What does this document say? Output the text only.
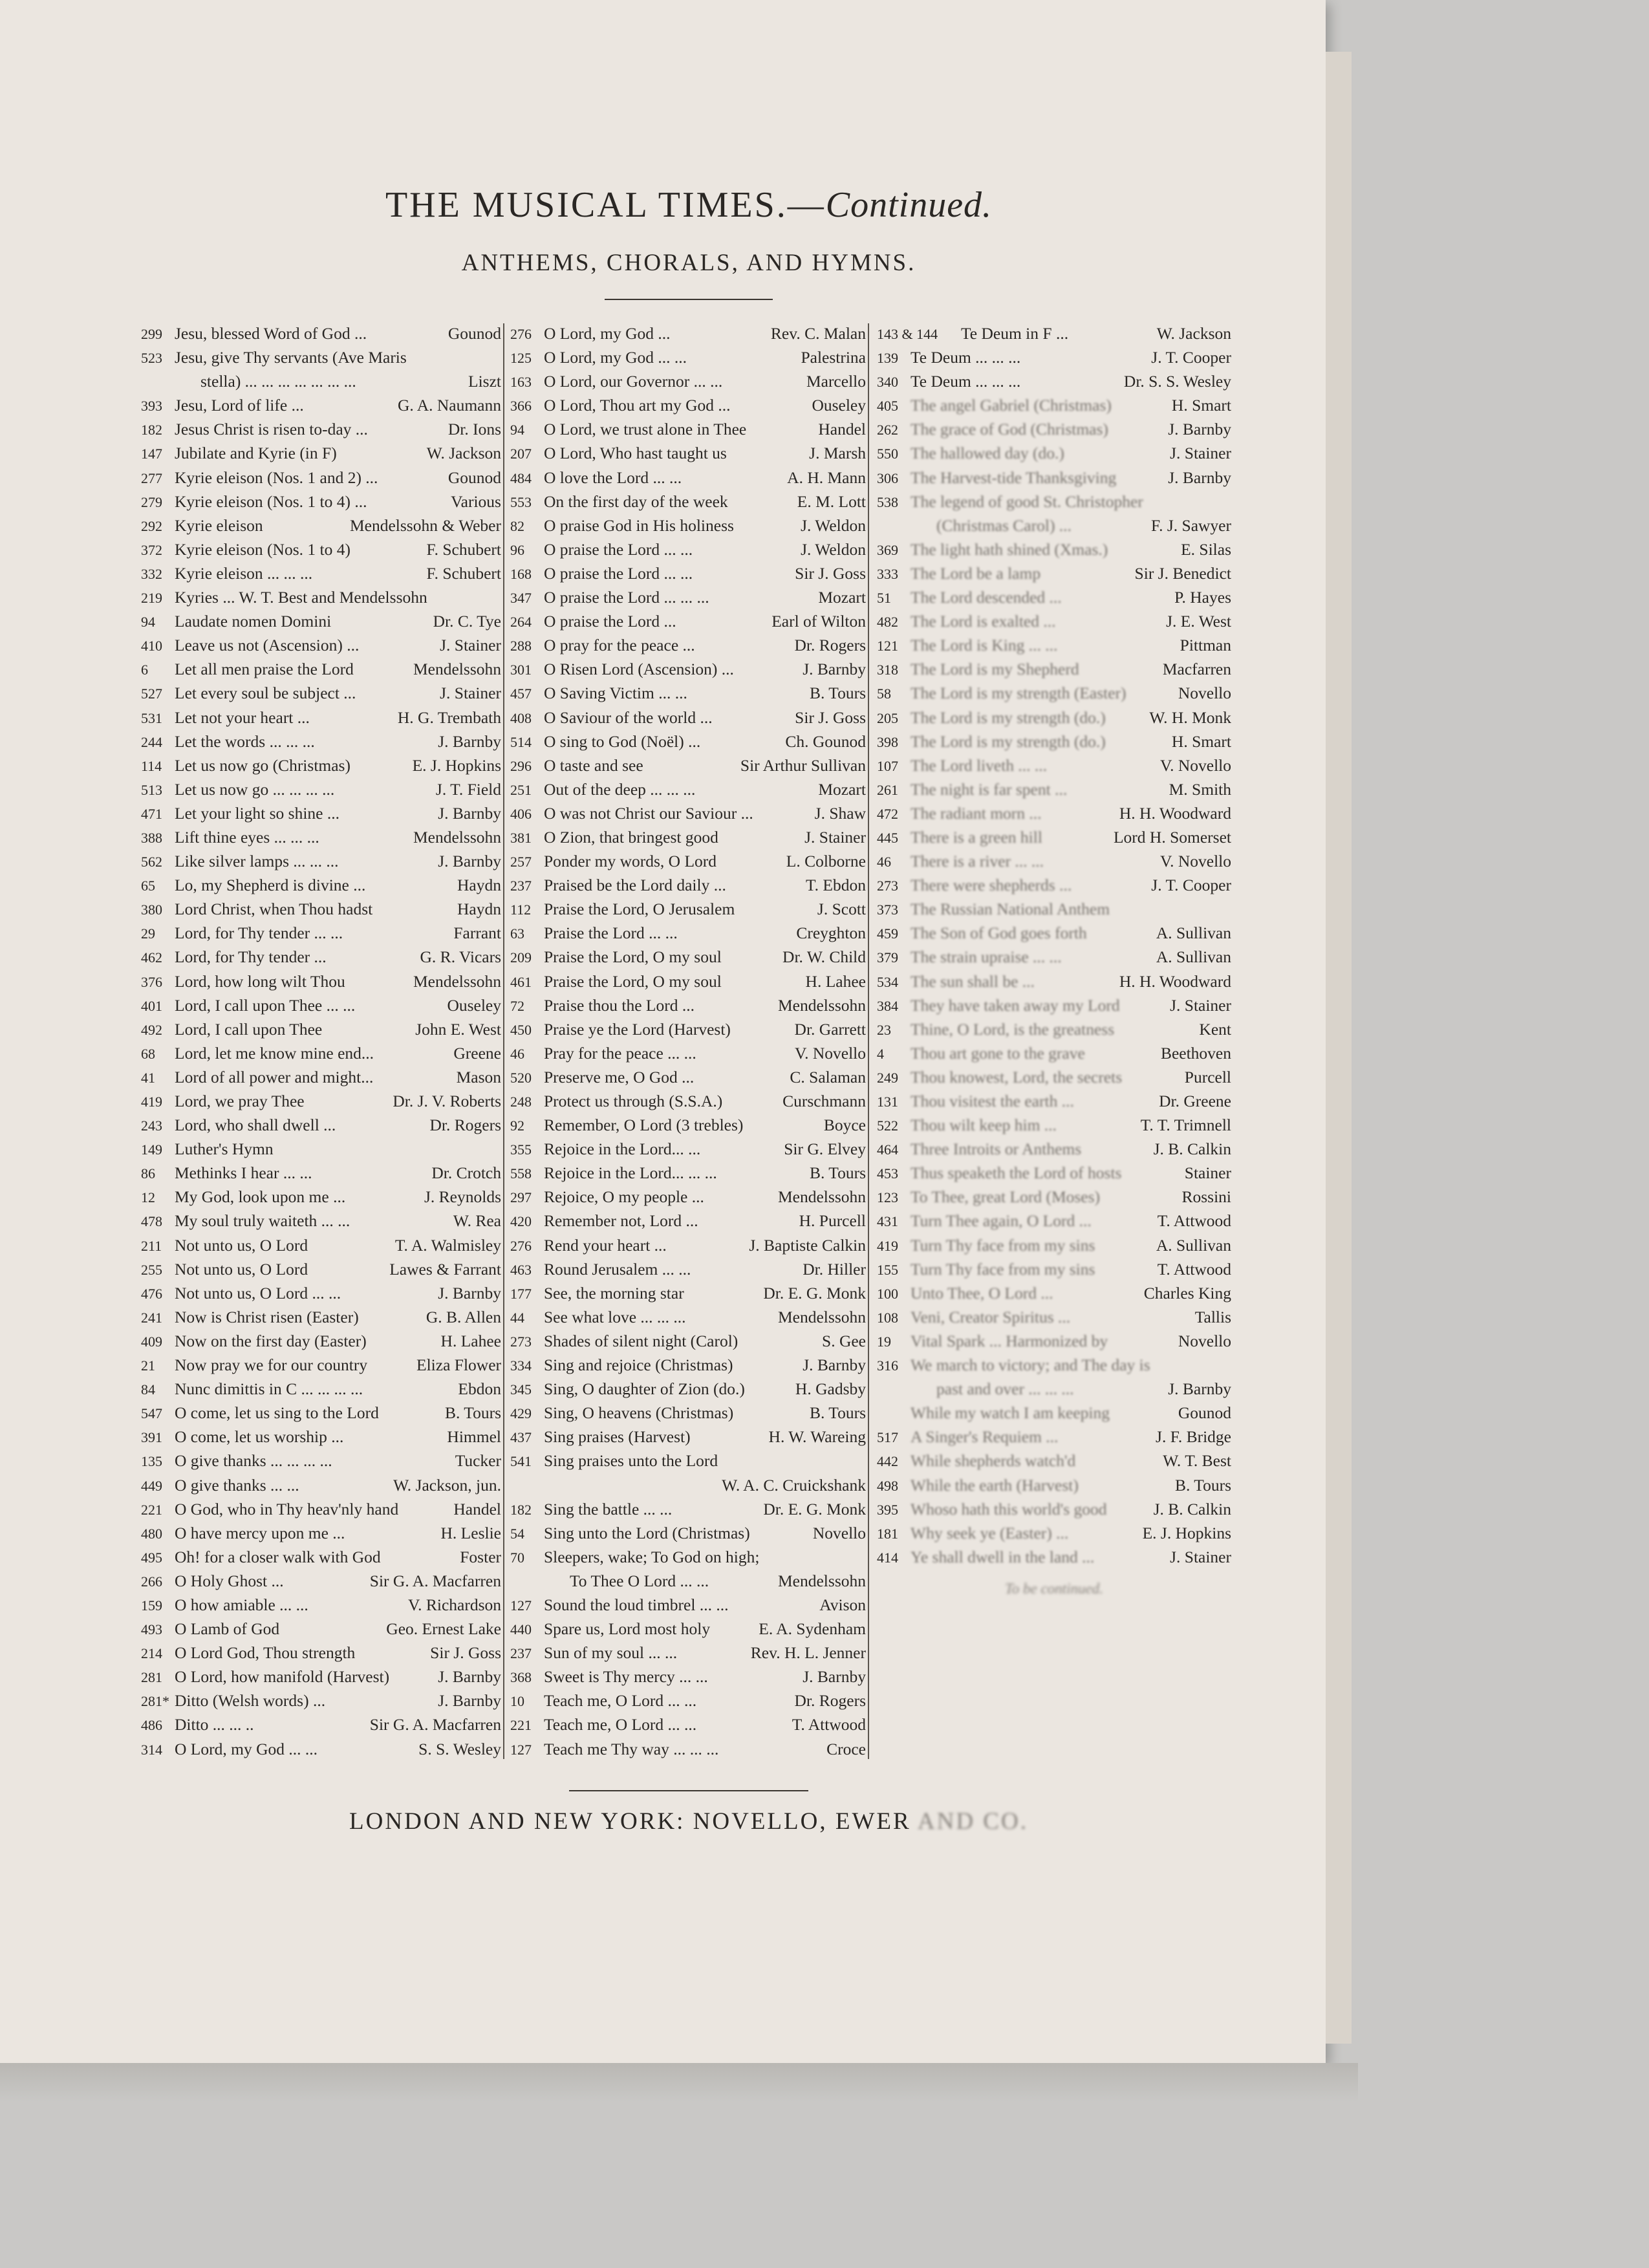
THE MUSICAL TIMES.—Continued.
ANTHEMS, CHORALS, AND HYMNS.
299 Jesu, blessed Word of God ...	Gounod
523 Jesu, give Thy servants (Ave Maris
stella) ... ... ... ... ... ... ...	Liszt
393 Jesu, Lord of life ...	G. A. Naumann
182 Jesus Christ is risen to-day ...	Dr. Ions
147 Jubilate and Kyrie (in F)	W. Jackson
277 Kyrie eleison (Nos. 1 and 2) ...	Gounod
279 Kyrie eleison (Nos. 1 to 4) ...	Various
292 Kyrie eleison	Mendelssohn & Weber
372 Kyrie eleison (Nos. 1 to 4)	F. Schubert
332 Kyrie eleison ... ... ...	F. Schubert
219 Kyries ... W. T. Best and Mendelssohn
94	Laudate nomen Domini	Dr. C. Tye
410 Leave us not (Ascension) ...	J. Stainer
6	Let all men praise the Lord	Mendelssohn
527 Let every soul be subject ...	J. Stainer
531 Let not your heart ...	H. G. Trembath
244 Let the words ... ... ...	J. Barnby
114 Let us now go (Christmas)	E. J. Hopkins
513 Let us now go ... ... ... ...	J. T. Field
471 Let your light so shine ...	J. Barnby
388 Lift thine eyes ... ... ...	Mendelssohn
562 Like silver lamps ... ... ...	J. Barnby
65	Lo, my Shepherd is divine ...	Haydn
380 Lord Christ, when Thou hadst	Haydn
29	Lord, for Thy tender ... ...	Farrant
462 Lord, for Thy tender ...	G. R. Vicars
376 Lord, how long wilt Thou	Mendelssohn
401 Lord, I call upon Thee ... ...	Ouseley
492 Lord, I call upon Thee	John E. West
68	Lord, let me know mine end...	Greene
41	Lord of all power and might...	Mason
419 Lord, we pray Thee	Dr. J. V. Roberts
243 Lord, who shall dwell ...	Dr. Rogers
149 Luther's Hymn
86	Methinks I hear ... ...	Dr. Crotch
12	My God, look upon me ...	J. Reynolds
478 My soul truly waiteth ... ...	W. Rea
211 Not unto us, O Lord	T. A. Walmisley
255 Not unto us, O Lord	Lawes & Farrant
476 Not unto us, O Lord ... ...	J. Barnby
241 Now is Christ risen (Easter)	G. B. Allen
409 Now on the first day (Easter)	H. Lahee
21	Now pray we for our country	Eliza Flower
84	Nunc dimittis in C ... ... ... ...	Ebdon
547 O come, let us sing to the Lord	B. Tours
391 O come, let us worship ...	Himmel
135 O give thanks ... ... ... ...	Tucker
449 O give thanks ... ...	W. Jackson, jun.
221 O God, who in Thy heav'nly hand	Handel
480 O have mercy upon me ...	H. Leslie
495 Oh! for a closer walk with God	Foster
266 O Holy Ghost ...	Sir G. A. Macfarren
159 O how amiable ... ...	V. Richardson
493 O Lamb of God	Geo. Ernest Lake
214 O Lord God, Thou strength	Sir J. Goss
281 O Lord, how manifold (Harvest)	J. Barnby
281* Ditto (Welsh words) ...	J. Barnby
486 Ditto ... ... ..	Sir G. A. Macfarren
314 O Lord, my God ... ...	S. S. Wesley
276 O Lord, my God ...	Rev. C. Malan
125 O Lord, my God ... ...	Palestrina
163 O Lord, our Governor ... ...	Marcello
366 O Lord, Thou art my God ...	Ouseley
94	O Lord, we trust alone in Thee	Handel
207 O Lord, Who hast taught us	J. Marsh
484 O love the Lord ... ...	A. H. Mann
553 On the first day of the week	E. M. Lott
82	O praise God in His holiness	J. Weldon
96	O praise the Lord ... ...	J. Weldon
168 O praise the Lord ... ...	Sir J. Goss
347 O praise the Lord ... ... ...	Mozart
264 O praise the Lord ...	Earl of Wilton
288 O pray for the peace ...	Dr. Rogers
301 O Risen Lord (Ascension) ...	J. Barnby
457 O Saving Victim ... ...	B. Tours
408 O Saviour of the world ...	Sir J. Goss
514 O sing to God (Noël) ...	Ch. Gounod
296 O taste and see	Sir Arthur Sullivan
251 Out of the deep ... ... ...	Mozart
406 O was not Christ our Saviour ...	J. Shaw
381 O Zion, that bringest good	J. Stainer
257 Ponder my words, O Lord	L. Colborne
237 Praised be the Lord daily ...	T. Ebdon
112 Praise the Lord, O Jerusalem	J. Scott
63	Praise the Lord ... ...	Creyghton
209 Praise the Lord, O my soul	Dr. W. Child
461 Praise the Lord, O my soul	H. Lahee
72	Praise thou the Lord ...	Mendelssohn
450 Praise ye the Lord (Harvest)	Dr. Garrett
46	Pray for the peace ... ...	V. Novello
520 Preserve me, O God ...	C. Salaman
248 Protect us through (S.S.A.)	Curschmann
92	Remember, O Lord (3 trebles)	Boyce
355 Rejoice in the Lord... ...	Sir G. Elvey
558 Rejoice in the Lord... ... ...	B. Tours
297 Rejoice, O my people ...	Mendelssohn
420 Remember not, Lord ...	H. Purcell
276 Rend your heart ...	J. Baptiste Calkin
463 Round Jerusalem ... ...	Dr. Hiller
177 See, the morning star	Dr. E. G. Monk
44	See what love ... ... ...	Mendelssohn
273 Shades of silent night (Carol)	S. Gee
334 Sing and rejoice (Christmas)	J. Barnby
345 Sing, O daughter of Zion (do.)	H. Gadsby
429 Sing, O heavens (Christmas)	B. Tours
437 Sing praises (Harvest)	H. W. Wareing
541 Sing praises unto the Lord
W. A. C. Cruickshank
182 Sing the battle ... ...	Dr. E. G. Monk
54	Sing unto the Lord (Christmas)	Novello
70	Sleepers, wake; To God on high;
To Thee O Lord ... ...	Mendelssohn
127 Sound the loud timbrel ... ...	Avison
440 Spare us, Lord most holy	E. A. Sydenham
237 Sun of my soul ... ...	Rev. H. L. Jenner
368 Sweet is Thy mercy ... ...	J. Barnby
10	Teach me, O Lord ... ...	Dr. Rogers
221 Teach me, O Lord ... ...	T. Attwood
127 Teach me Thy way ... ... ...	Croce
143 & 144	Te Deum in F ...	W. Jackson
139 Te Deum ... ... ...	J. T. Cooper
340 Te Deum ... ... ...	Dr. S. S. Wesley
405 The angel Gabriel (Christmas)	H. Smart
262 The grace of God (Christmas)	J. Barnby
550 The hallowed day (do.)	J. Stainer
306 The Harvest-tide Thanksgiving	J. Barnby
538 The legend of good St. Christopher
(Christmas Carol) ...	F. J. Sawyer
369 The light hath shined (Xmas.)	E. Silas
333 The Lord be a lamp	Sir J. Benedict
51	The Lord descended ...	P. Hayes
482 The Lord is exalted ...	J. E. West
121 The Lord is King ... ...	Pittman
318 The Lord is my Shepherd	Macfarren
58	The Lord is my strength (Easter)	Novello
205 The Lord is my strength (do.)	W. H. Monk
398 The Lord is my strength (do.)	H. Smart
107 The Lord liveth ... ...	V. Novello
261 The night is far spent ...	M. Smith
472 The radiant morn ...	H. H. Woodward
445 There is a green hill	Lord H. Somerset
46	There is a river ... ...	V. Novello
273 There were shepherds ...	J. T. Cooper
373 The Russian National Anthem
459 The Son of God goes forth	A. Sullivan
379 The strain upraise ... ...	A. Sullivan
534 The sun shall be ...	H. H. Woodward
384 They have taken away my Lord	J. Stainer
23	Thine, O Lord, is the greatness	Kent
4	Thou art gone to the grave	Beethoven
249 Thou knowest, Lord, the secrets	Purcell
131 Thou visitest the earth ...	Dr. Greene
522 Thou wilt keep him ...	T. T. Trimnell
464 Three Introits or Anthems	J. B. Calkin
453 Thus speaketh the Lord of hosts	Stainer
123 To Thee, great Lord (Moses)	Rossini
431 Turn Thee again, O Lord ...	T. Attwood
419 Turn Thy face from my sins	A. Sullivan
155 Turn Thy face from my sins	T. Attwood
100 Unto Thee, O Lord ...	Charles King
108 Veni, Creator Spiritus ...	Tallis
19	Vital Spark ... Harmonized by	Novello
316 We march to victory; and The day is
past and over ... ... ...	J. Barnby
While my watch I am keeping	Gounod
517 A Singer's Requiem ...	J. F. Bridge
442 While shepherds watch'd	W. T. Best
498 While the earth (Harvest)	B. Tours
395 Whoso hath this world's good	J. B. Calkin
181 Why seek ye (Easter) ...	E. J. Hopkins
414 Ye shall dwell in the land ...	J. Stainer
To be continued.
LONDON AND NEW YORK: NOVELLO, EWER AND CO.
